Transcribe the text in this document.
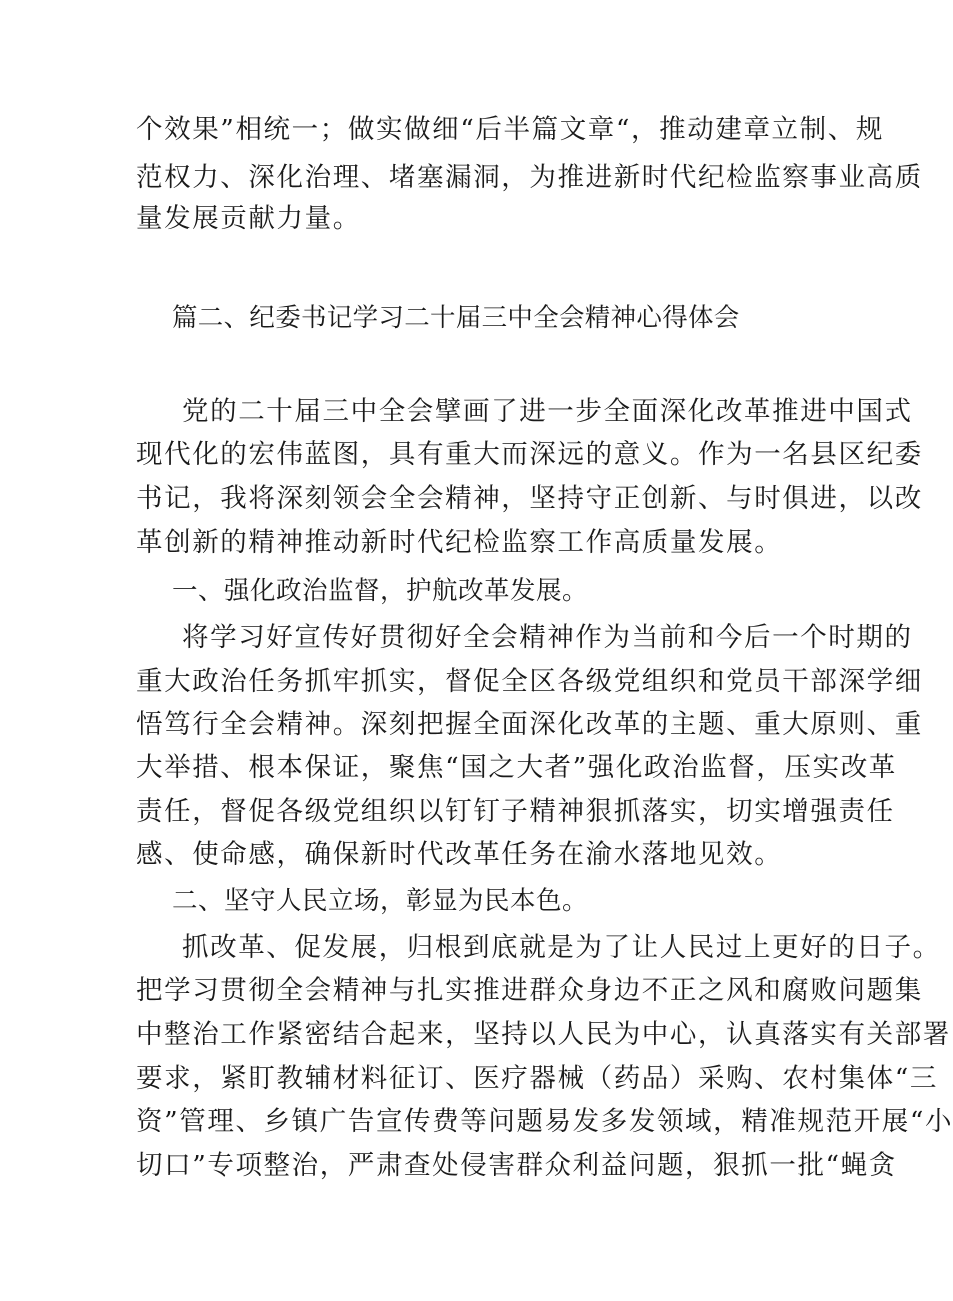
个效果”相统一；做实做细“后半篇文章“，推动建章立制、规
范权力、深化治理、堵塞漏洞，为推进新时代纪检监察事业高质
量发展贡献力量。
篇二、纪委书记学习二十届三中全会精神心得体会
党的二十届三中全会擘画了进一步全面深化改革推进中国式
现代化的宏伟蓝图，具有重大而深远的意义。作为一名县区纪委
书记，我将深刻领会全会精神，坚持守正创新、与时俱进，以改
革创新的精神推动新时代纪检监察工作高质量发展。
一、强化政治监督，护航改革发展。
将学习好宣传好贯彻好全会精神作为当前和今后一个时期的
重大政治任务抓牢抓实，督促全区各级党组织和党员干部深学细
悟笃行全会精神。深刻把握全面深化改革的主题、重大原则、重
大举措、根本保证，聚焦“国之大者”强化政治监督，压实改革
责任，督促各级党组织以钉钉子精神狠抓落实，切实增强责任
感、使命感，确保新时代改革任务在渝水落地见效。
二、坚守人民立场，彰显为民本色。
抓改革、促发展，归根到底就是为了让人民过上更好的日子。
把学习贯彻全会精神与扎实推进群众身边不正之风和腐败问题集
中整治工作紧密结合起来，坚持以人民为中心，认真落实有关部署
要求，紧盯教辅材料征订、医疗器械（药品）采购、农村集体“三
资”管理、乡镇广告宣传费等问题易发多发领域，精准规范开展“小
切口”专项整治，严肃查处侵害群众利益问题，狠抓一批“蝇贪
